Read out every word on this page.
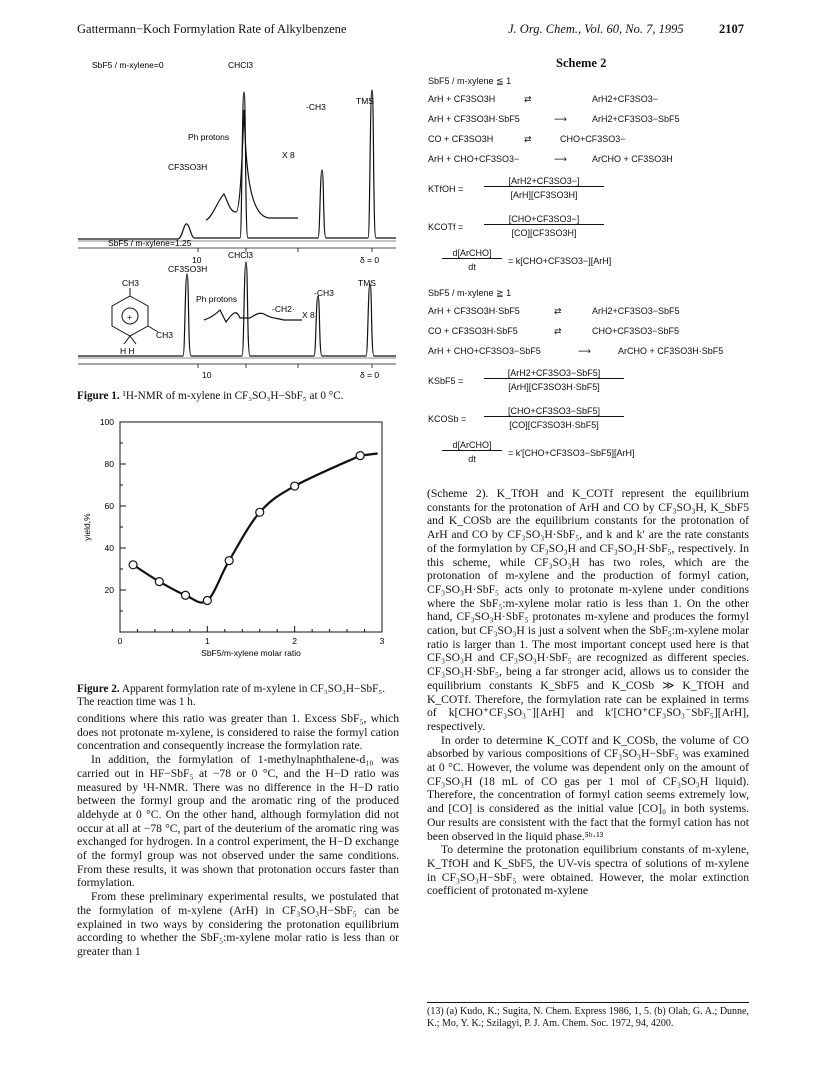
Gattermann−Koch Formylation Rate of Alkylbenzene	J. Org. Chem., Vol. 60, No. 7, 1995	2107
SbF5 / m-xylene=0	CHCl3
-CH3
TMS
Ph protons
X 8
CF3SO3H
10	δ = 0
SbF5 / m-xylene=1.25
CHCl3
CF3SO3H
-CH3
TMS
Ph protons
-CH2·
X 8
10	δ = 0
CH3
CH3
H H
+
Figure 1. ¹H-NMR of m-xylene in CF₃SO₃H−SbF₅ at 0 °C.
20
40
60
80
100
0	1	2	3
SbF5/m-xylene molar ratio
yield,%
Figure 2. Apparent formylation rate of m-xylene in CF₃SO₃H−SbF₅. The reaction time was 1 h.

conditions where this ratio was greater than 1. Excess SbF₅, which does not protonate m-xylene, is considered to raise the formyl cation concentration and consequently increase the formylation rate.

In addition, the formylation of 1-methylnaphthalene-d₁₀ was carried out in HF−SbF₅ at −78 or 0 °C, and the H−D ratio was measured by ¹H-NMR. There was no difference in the H−D ratio between the formyl group and the aromatic ring of the produced aldehyde at 0 °C. On the other hand, although formylation did not occur at all at −78 °C, part of the deuterium of the aromatic ring was exchanged for hydrogen. In a control experiment, the H−D exchange of the formyl group was not observed under the same conditions. From these results, it was shown that protonation occurs faster than formylation.

From these preliminary experimental results, we postulated that the formylation of m-xylene (ArH) in CF₃SO₃H−SbF₅ can be explained in two ways by considering the protonation equilibrium according to whether the SbF₅:m-xylene molar ratio is less than or greater than 1

Scheme 2
SbF5 / m-xylene ≦ 1
ArH + CF3SO3H	⇄	ArH2+CF3SO3−
ArH + CF3SO3H·SbF5	⟶	ArH2+CF3SO3−SbF5
CO + CF3SO3H	⇄	CHO+CF3SO3−
ArH + CHO+CF3SO3−	⟶	ArCHO + CF3SO3H
KTfOH =
[ArH2+CF3SO3−]
[ArH][CF3SO3H]
KCOTf =
[CHO+CF3SO3−]
[CO][CF3SO3H]
d[ArCHO]
dt
= k[CHO+CF3SO3−][ArH]
SbF5 / m-xylene ≧ 1
ArH + CF3SO3H·SbF5	⇄	ArH2+CF3SO3−SbF5
CO + CF3SO3H·SbF5	⇄	CHO+CF3SO3−SbF5
ArH + CHO+CF3SO3−SbF5	⟶	ArCHO + CF3SO3H·SbF5
KSbF5 =
[ArH2+CF3SO3−SbF5]
[ArH][CF3SO3H·SbF5]
KCOSb =
[CHO+CF3SO3−SbF5]
[CO][CF3SO3H·SbF5]
d[ArCHO]
dt
= k'[CHO+CF3SO3−SbF5][ArH]

(Scheme 2). K_TfOH and K_COTf represent the equilibrium constants for the protonation of ArH and CO by CF₃SO₃H, K_SbF5 and K_COSb are the equilibrium constants for the protonation of ArH and CO by CF₃SO₃H·SbF₅, and k and k′ are the rate constants of the formylation by CF₃SO₃H and CF₃SO₃H·SbF₅, respectively. In this scheme, while CF₃SO₃H has two roles, which are the protonation of m-xylene and the production of formyl cation, CF₃SO₃H·SbF₅ acts only to protonate m-xylene under conditions where the SbF₅:m-xylene molar ratio is less than 1. On the other hand, CF₃SO₃H·SbF₅ protonates m-xylene and produces the formyl cation, but CF₃SO₃H is just a solvent when the SbF₅:m-xylene molar ratio is larger than 1. The most important concept used here is that CF₃SO₃H and CF₃SO₃H·SbF₅ are recognized as different species. CF₃SO₃H·SbF₅, being a far stronger acid, allows us to consider the equilibrium constants K_SbF5 and K_COSb ≫ K_TfOH and K_COTf. Therefore, the formylation rate can be explained in terms of k[CHO⁺CF₃SO₃⁻][ArH] and k′[CHO⁺CF₃SO₃⁻SbF₅][ArH], respectively.

In order to determine K_COTf and K_COSb, the volume of CO absorbed by various compositions of CF₃SO₃H−SbF₅ was examined at 0 °C. However, the volume was dependent only on the amount of CF₃SO₃H (18 mL of CO gas per 1 mol of CF₃SO₃H liquid). Therefore, the concentration of formyl cation seems extremely low, and [CO] is considered as the initial value [CO]₀ in both systems. Our results are consistent with the fact that the formyl cation has not been observed in the liquid phase.⁵ᵇ·¹³

To determine the protonation equilibrium constants of m-xylene, K_TfOH and K_SbF5, the UV-vis spectra of solutions of m-xylene in CF₃SO₃H−SbF₅ were obtained. However, the molar extinction coefficient of protonated m-xylene

(13) (a) Kudo, K.; Sugita, N. Chem. Express 1986, 1, 5. (b) Olah, G. A.; Dunne, K.; Mo, Y. K.; Szilagyi, P. J. Am. Chem. Soc. 1972, 94, 4200.
